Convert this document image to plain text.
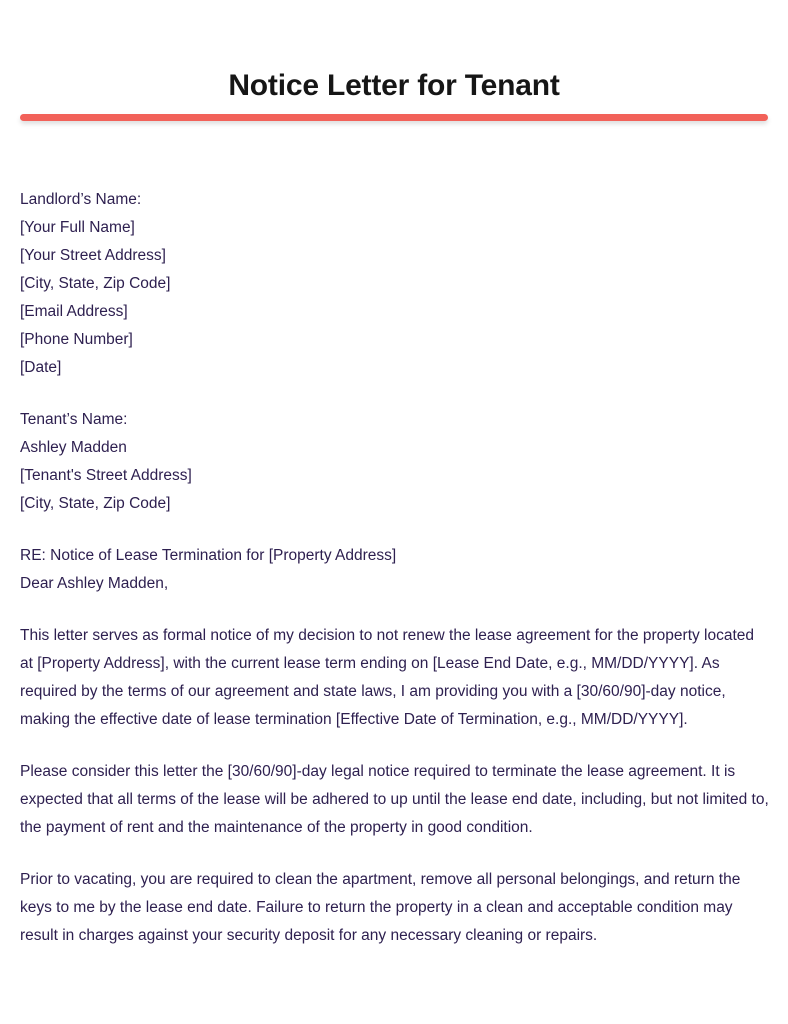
Notice Letter for Tenant
Landlord’s Name:
[Your Full Name]
[Your Street Address]
[City, State, Zip Code]
[Email Address]
[Phone Number]
[Date]
Tenant’s Name:
Ashley Madden
[Tenant's Street Address]
[City, State, Zip Code]
RE: Notice of Lease Termination for [Property Address]
Dear Ashley Madden,

This letter serves as formal notice of my decision to not renew the lease agreement for the property located at [Property Address], with the current lease term ending on [Lease End Date, e.g., MM/DD/YYYY]. As required by the terms of our agreement and state laws, I am providing you with a [30/60/90]-day notice, making the effective date of lease termination [Effective Date of Termination, e.g., MM/DD/YYYY].

Please consider this letter the [30/60/90]-day legal notice required to terminate the lease agreement. It is expected that all terms of the lease will be adhered to up until the lease end date, including, but not limited to, the payment of rent and the maintenance of the property in good condition.

Prior to vacating, you are required to clean the apartment, remove all personal belongings, and return the keys to me by the lease end date. Failure to return the property in a clean and acceptable condition may result in charges against your security deposit for any necessary cleaning or repairs.
